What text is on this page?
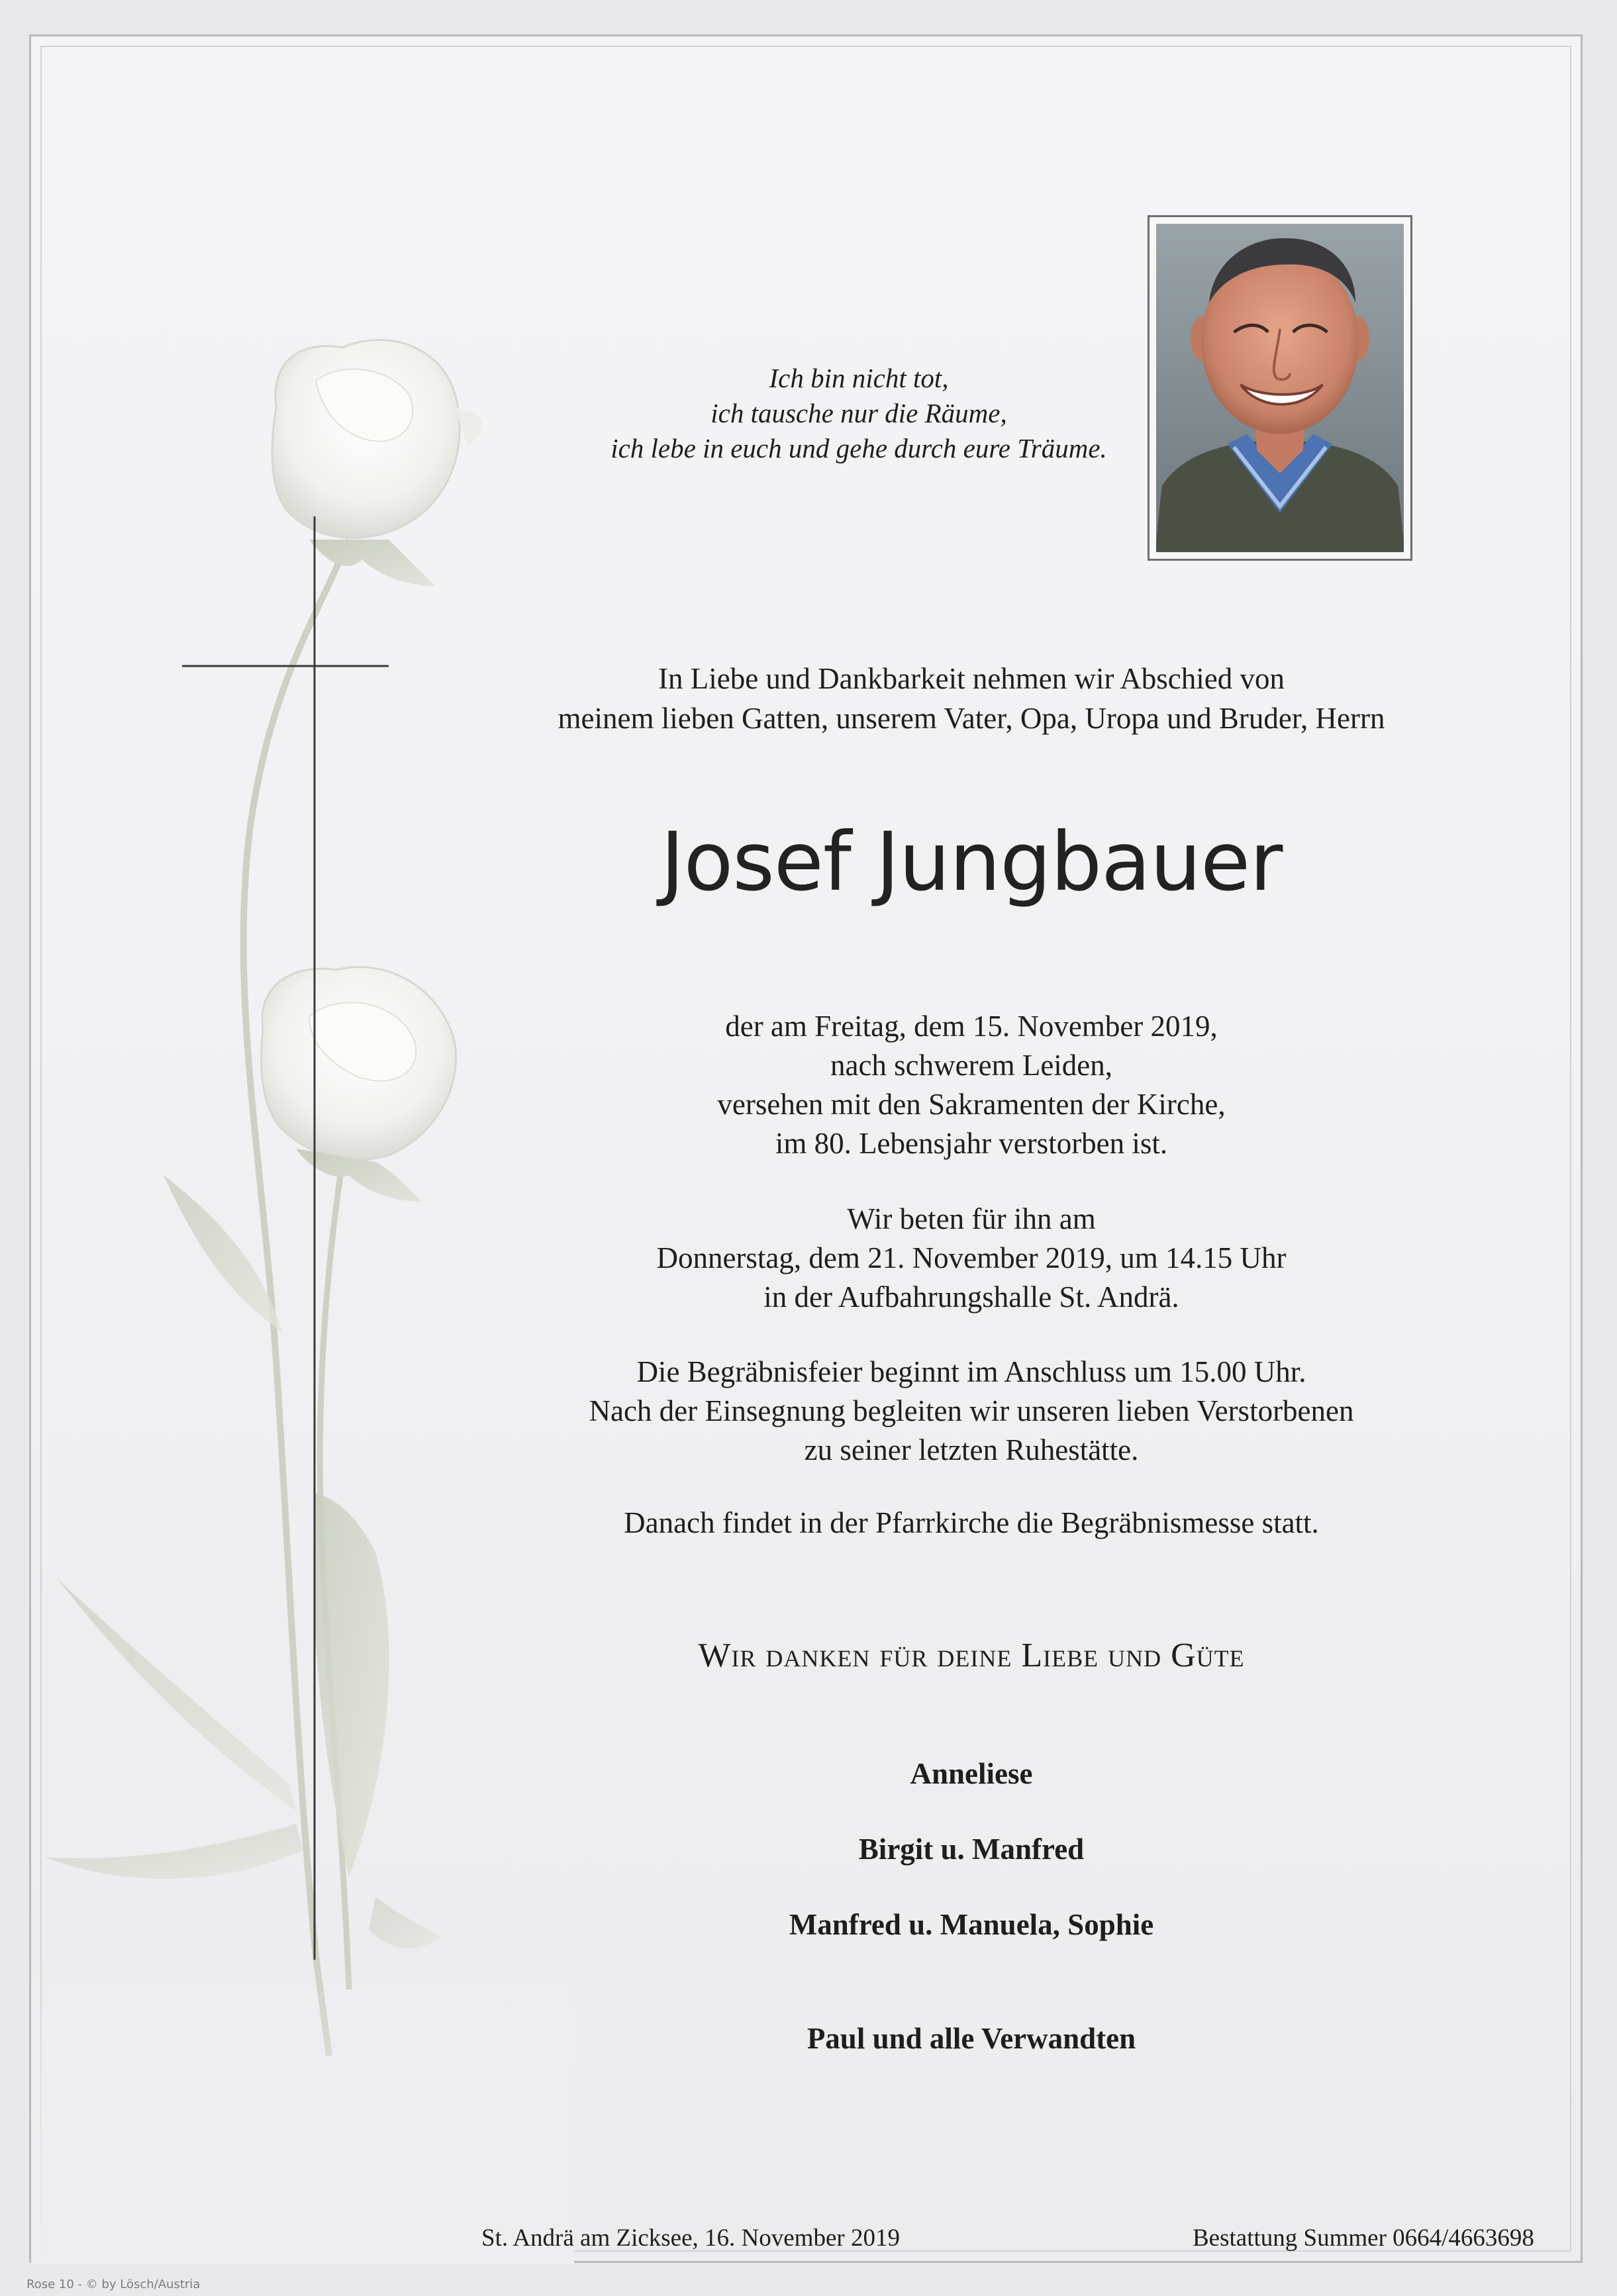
Ich bin nicht tot,
ich tausche nur die Räume,
ich lebe in euch und gehe durch eure Träume.
In Liebe und Dankbarkeit nehmen wir Abschied von
meinem lieben Gatten, unserem Vater, Opa, Uropa und Bruder, Herrn
Josef Jungbauer
der am Freitag, dem 15. November 2019,
nach schwerem Leiden,
versehen mit den Sakramenten der Kirche,
im 80. Lebensjahr verstorben ist.
Wir beten für ihn am
Donnerstag, dem 21. November 2019, um 14.15 Uhr
in der Aufbahrungshalle St. Andrä.
Die Begräbnisfeier beginnt im Anschluss um 15.00 Uhr.
Nach der Einsegnung begleiten wir unseren lieben Verstorbenen
zu seiner letzten Ruhestätte.
Danach findet in der Pfarrkirche die Begräbnismesse statt.
Wir danken für deine Liebe und Güte
Anneliese
Birgit u. Manfred
Manfred u. Manuela, Sophie
Paul und alle Verwandten
St. Andrä am Zicksee, 16. November 2019	Bestattung Summer 0664/4663698
Rose 10 - © by Lösch/Austria
